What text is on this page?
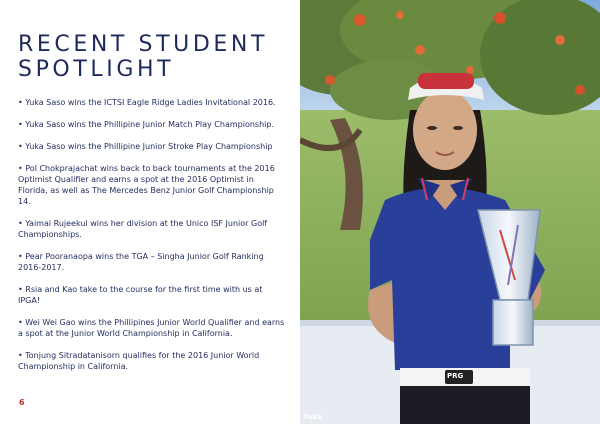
RECENT STUDENT
SPOTLIGHT
• Yuka Saso wins the ICTSI Eagle Ridge Ladies Invitational 2016.
• Yuka Saso wins the Phillipine Junior Match Play Championship.
• Yuka Saso wins the Phillipine Junior Stroke Play Championship
• Pol Chokprajachat wins back to back tournaments at the 2016 Optimist Qualifier and earns a spot at the 2016 Optimist in Florida, as well as The Mercedes Benz Junior Golf Championship 14.
• Yaimai Rujeekul wins her division at the Unico ISF Junior Golf Championships.
• Pear Pooranaopa wins the TGA – Singha Junior Golf Ranking 2016-2017.
• Rsia and Kao take to the course for the first time with us at IPGA!
• Wei Wei Gao wins the Phillipines Junior World Qualifier and earns a spot at the Junior World Championship in California.
• Tonjung Sitradatanisorn qualifies for the 2016 Junior World Championship in California.
6
PRG
Yuka
